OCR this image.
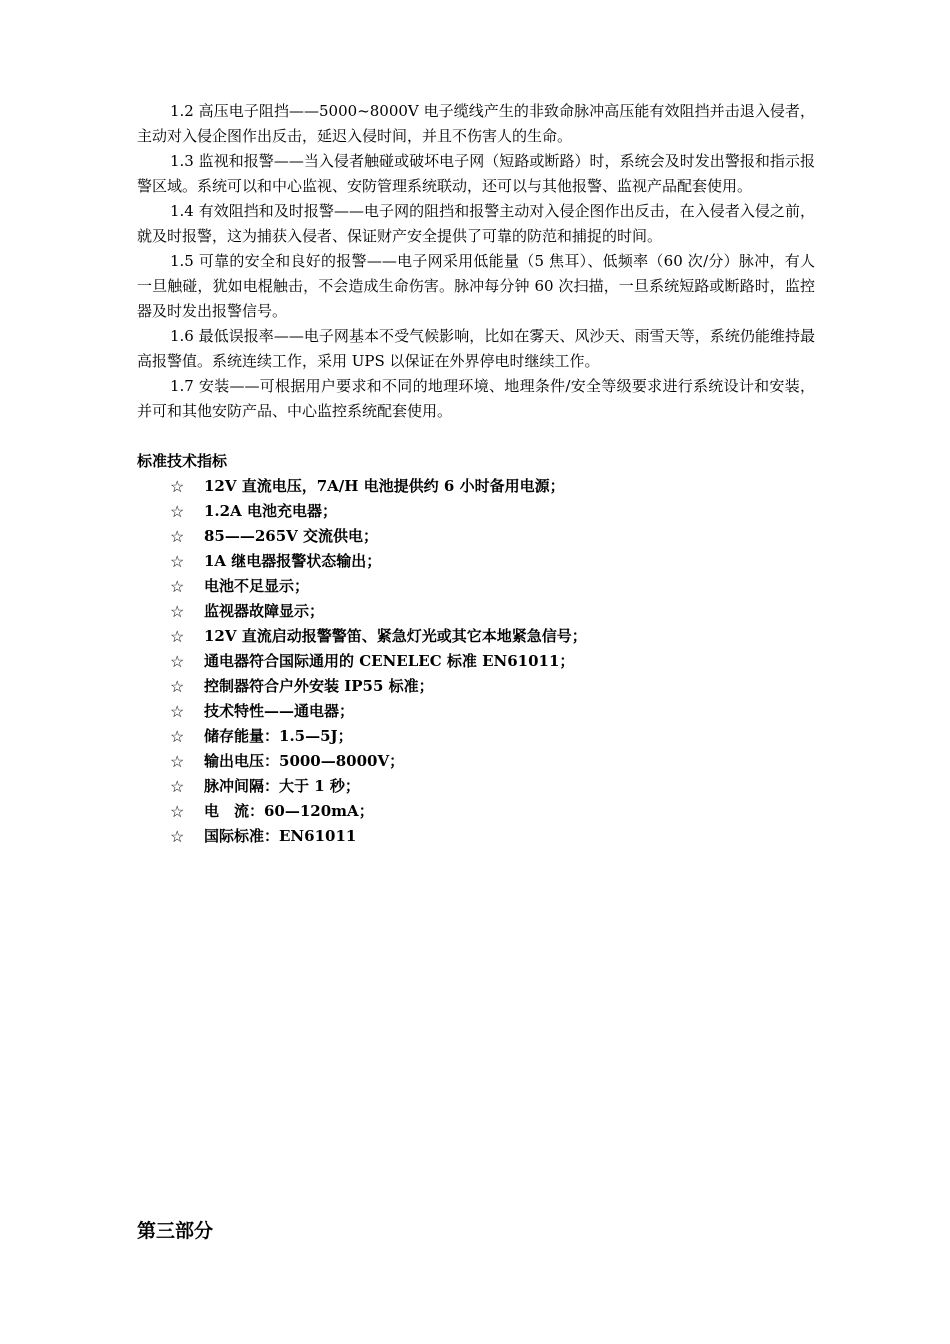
1.2 高压电子阻挡——5000~8000V 电子缆线产生的非致命脉冲高压能有效阻挡并击退入侵者，主动对入侵企图作出反击，延迟入侵时间，并且不伤害人的生命。

1.3 监视和报警——当入侵者触碰或破坏电子网（短路或断路）时，系统会及时发出警报和指示报警区域。系统可以和中心监视、安防管理系统联动，还可以与其他报警、监视产品配套使用。

1.4 有效阻挡和及时报警——电子网的阻挡和报警主动对入侵企图作出反击，在入侵者入侵之前，就及时报警，这为捕获入侵者、保证财产安全提供了可靠的防范和捕捉的时间。

1.5 可靠的安全和良好的报警——电子网采用低能量（5 焦耳）、低频率（60 次/分）脉冲，有人一旦触碰，犹如电棍触击，不会造成生命伤害。脉冲每分钟 60 次扫描，一旦系统短路或断路时，监控器及时发出报警信号。

1.6 最低误报率——电子网基本不受气候影响，比如在雾天、风沙天、雨雪天等，系统仍能维持最高报警值。系统连续工作，采用 UPS 以保证在外界停电时继续工作。

1.7 安装——可根据用户要求和不同的地理环境、地理条件/安全等级要求进行系统设计和安装，并可和其他安防产品、中心监控系统配套使用。

标准技术指标

☆	12V 直流电压，7A/H 电池提供约 6 小时备用电源；
☆	1.2A 电池充电器；
☆	85——265V 交流供电；
☆	1A 继电器报警状态输出；
☆	电池不足显示；
☆	监视器故障显示；
☆	12V 直流启动报警警笛、紧急灯光或其它本地紧急信号；
☆	通电器符合国际通用的 CENELEC 标准 EN61011；
☆	控制器符合户外安装 IP55 标准；
☆	技术特性——通电器；
☆	储存能量：1.5—5J；
☆	输出电压：5000—8000V；
☆	脉冲间隔：大于 1 秒；
☆	电　流：60—120mA；
☆	国际标准：EN61011
第三部分
